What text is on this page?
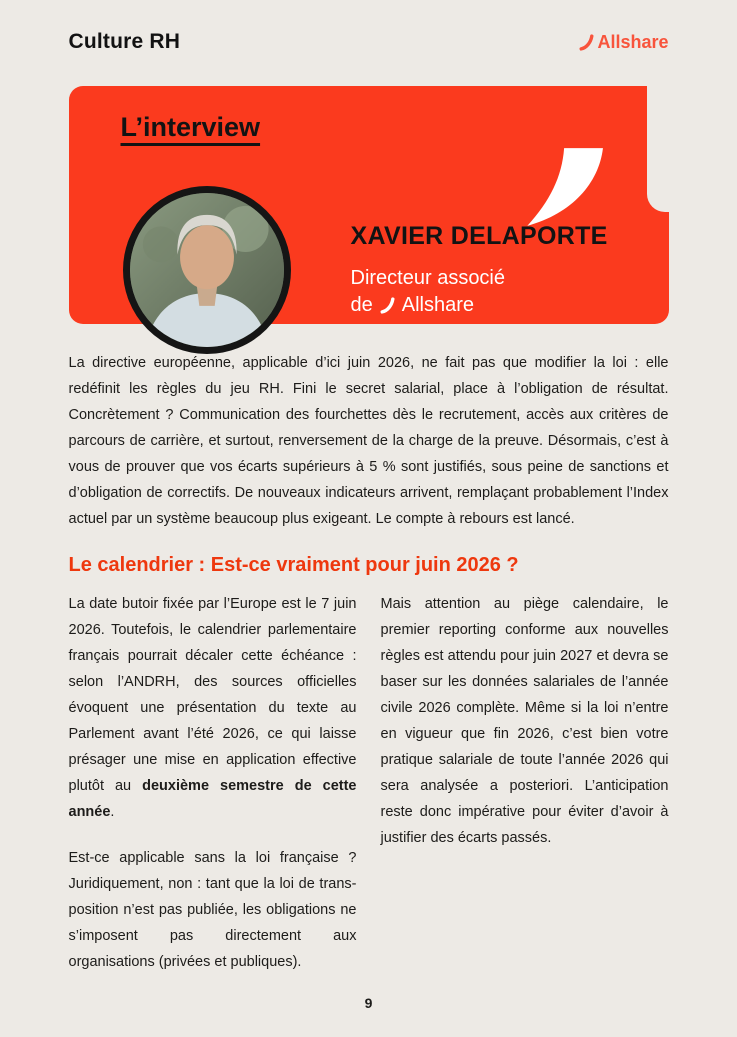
Culture RH	Allshare
L’interview
XAVIER DELAPORTE
Directeur associé
de Allshare

La directive européenne, applicable d’ici juin 2026, ne fait pas que modifier la loi : elle redéfinit les règles du jeu RH. Fini le secret salarial, place à l’obligation de résultat. Concrètement ? Communication des fourchettes dès le recrutement, accès aux critères de parcours de carrière, et surtout, renversement de la charge de la preuve. Désormais, c’est à vous de prouver que vos écarts supérieurs à 5 % sont justifiés, sous peine de sanctions et d’obligation de correctifs. De nouveaux indicateurs arrivent, remplaçant probablement l’Index actuel par un système beaucoup plus exigeant. Le compte à rebours est lancé.

Le calendrier : Est-ce vraiment pour juin 2026 ?

La date butoir fixée par l’Europe est le 7 juin 2026. Toutefois, le calendrier parlementaire français pourrait décaler cette échéance : selon l’ANDRH, des sources officielles évoquent une présentation du texte au Parlement avant l’été 2026, ce qui laisse présager une mise en application effective plutôt au deuxième semestre de cette année.

Est-ce applicable sans la loi française ? Juridiquement, non : tant que la loi de transposition n’est pas publiée, les obligations ne s’imposent pas directement aux organisations (privées et publiques).

Mais attention au piège calendaire, le premier reporting conforme aux nouvelles règles est attendu pour juin 2027 et devra se baser sur les données salariales de l’année civile 2026 complète. Même si la loi n’entre en vigueur que fin 2026, c’est bien votre pratique salariale de toute l’année 2026 qui sera analysée a posteriori. L’anticipation reste donc impérative pour éviter d’avoir à justifier des écarts passés.

9
